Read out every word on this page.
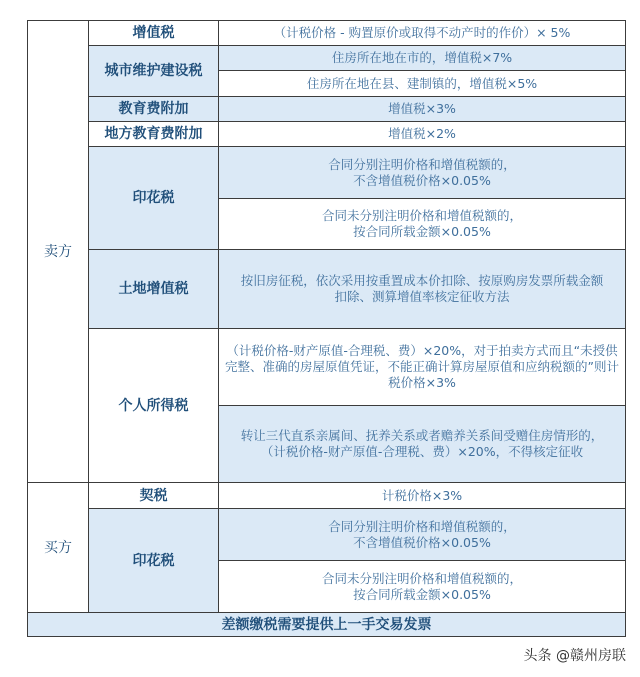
卖方	增值税	（计税价格 - 购置原价或取得不动产时的作价）× 5%
	城市维护建设税	住房所在地在市的，增值税×7%
		住房所在地在县、建制镇的，增值税×5%
	教育费附加	增值税×3%
	地方教育费附加	增值税×2%
	印花税	合同分别注明价格和增值税额的，
不含增值税价格×0.05%

		合同未分别注明价格和增值税额的，
按合同所载金额×0.05%

	土地增值税	按旧房征税，依次采用按重置成本价扣除、按原购房发票所载金额扣除、测算增值率核定征收方法
	个人所得税	（计税价格-财产原值-合理税、费）×20%，对于拍卖方式而且“未授供完整、准确的房屋原值凭证，不能正确计算房屋原值和应纳税额的”则计税价格×3%
		转让三代直系亲属间、抚养关系或者赡养关系间受赠住房情形的，（计税价格-财产原值-合理税、费）×20%，不得核定征收

买方	契税	计税价格×3%
	印花税	合同分别注明价格和增值税额的，
不含增值税价格×0.05%

		合同未分别注明价格和增值税额的，
按合同所载金额×0.05%

差额缴税需要提供上一手交易发票		
头条 @赣州房联
